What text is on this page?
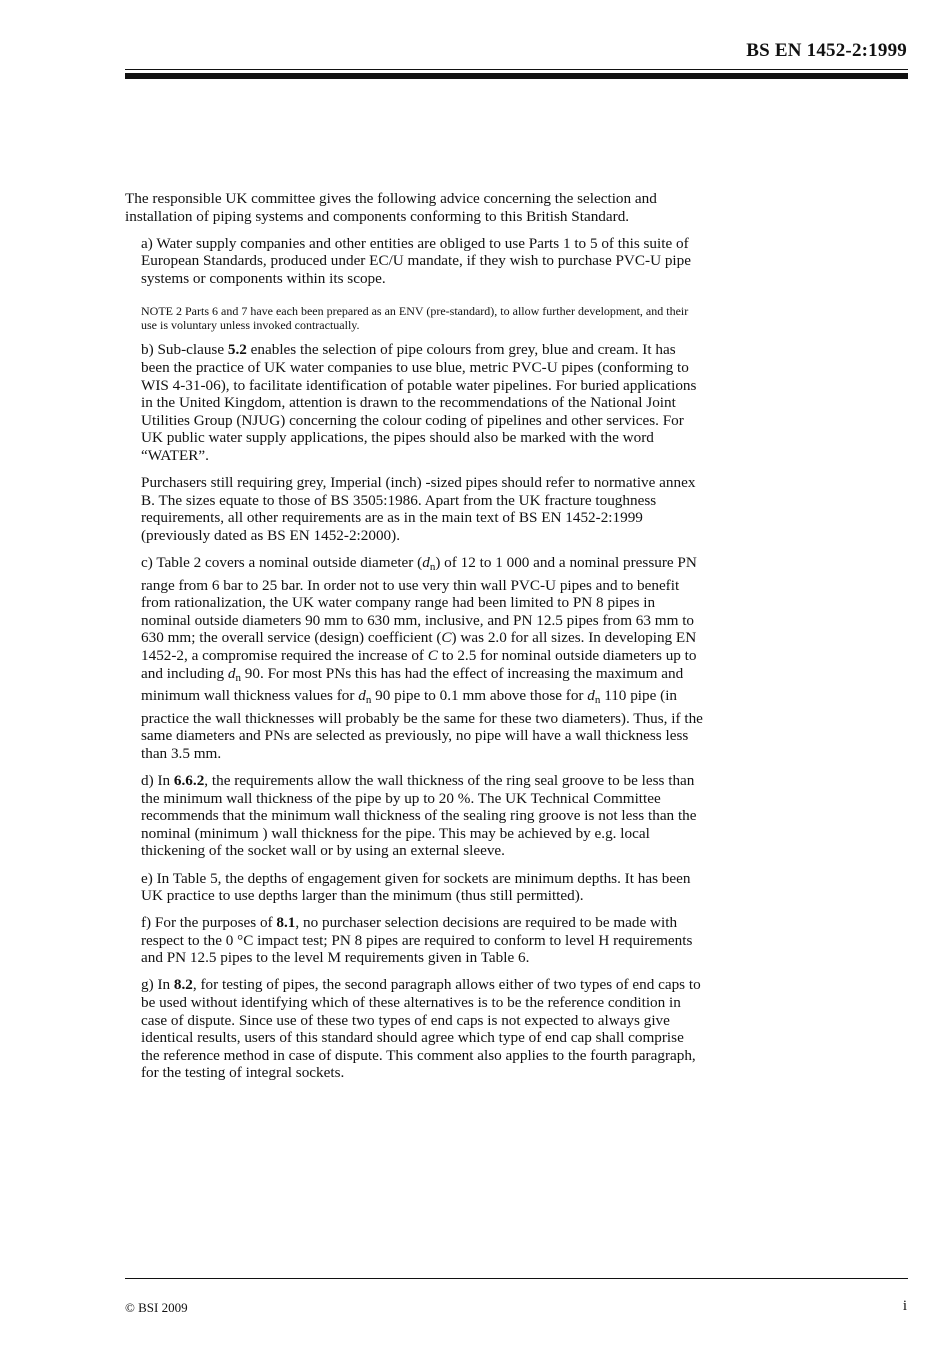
BS EN 1452-2:1999

The responsible UK committee gives the following advice concerning the selection and installation of piping systems and components conforming to this British Standard.

a) Water supply companies and other entities are obliged to use Parts 1 to 5 of this suite of European Standards, produced under EC/U mandate, if they wish to purchase PVC-U pipe systems or components within its scope.

NOTE 2 Parts 6 and 7 have each been prepared as an ENV (pre-standard), to allow further development, and their use is voluntary unless invoked contractually.

b) Sub-clause 5.2 enables the selection of pipe colours from grey, blue and cream. It has been the practice of UK water companies to use blue, metric PVC-U pipes (conforming to WIS 4-31-06), to facilitate identification of potable water pipelines. For buried applications in the United Kingdom, attention is drawn to the recommendations of the National Joint Utilities Group (NJUG) concerning the colour coding of pipelines and other services. For UK public water supply applications, the pipes should also be marked with the word “WATER”.

Purchasers still requiring grey, Imperial (inch) -sized pipes should refer to normative annex B. The sizes equate to those of BS 3505:1986. Apart from the UK fracture toughness requirements, all other requirements are as in the main text of BS EN 1452-2:1999 (previously dated as BS EN 1452-2:2000).

c) Table 2 covers a nominal outside diameter $(d_n)$ of 12 to 1 000 and a nominal pressure PN range from 6 bar to 25 bar. In order not to use very thin wall PVC-U pipes and to benefit from rationalization, the UK water company range had been limited to PN 8 pipes in nominal outside diameters 90 mm to 630 mm, inclusive, and PN 12.5 pipes from 63 mm to 630 mm; the overall service (design) coefficient (C) was 2.0 for all sizes. In developing EN 1452-2, a compromise required the increase of C to 2.5 for nominal outside diameters up to and including $d_n$ 90. For most PNs this has had the effect of increasing the maximum and minimum wall thickness values for $d_n$ 90 pipe to 0.1 mm above those for $d_n$ 110 pipe (in practice the wall thicknesses will probably be the same for these two diameters). Thus, if the same diameters and PNs are selected as previously, no pipe will have a wall thickness less than 3.5 mm.

d) In 6.6.2, the requirements allow the wall thickness of the ring seal groove to be less than the minimum wall thickness of the pipe by up to 20 %. The UK Technical Committee recommends that the minimum wall thickness of the sealing ring groove is not less than the nominal (minimum ) wall thickness for the pipe. This may be achieved by e.g. local thickening of the socket wall or by using an external sleeve.

e) In Table 5, the depths of engagement given for sockets are minimum depths. It has been UK practice to use depths larger than the minimum (thus still permitted).

f) For the purposes of 8.1, no purchaser selection decisions are required to be made with respect to the 0 °C impact test; PN 8 pipes are required to conform to level H requirements and PN 12.5 pipes to the level M requirements given in Table 6.

g) In 8.2, for testing of pipes, the second paragraph allows either of two types of end caps to be used without identifying which of these alternatives is to be the reference condition in case of dispute. Since use of these two types of end caps is not expected to always give identical results, users of this standard should agree which type of end cap shall comprise the reference method in case of dispute. This comment also applies to the fourth paragraph, for the testing of integral sockets.

© BSI 2009	i
